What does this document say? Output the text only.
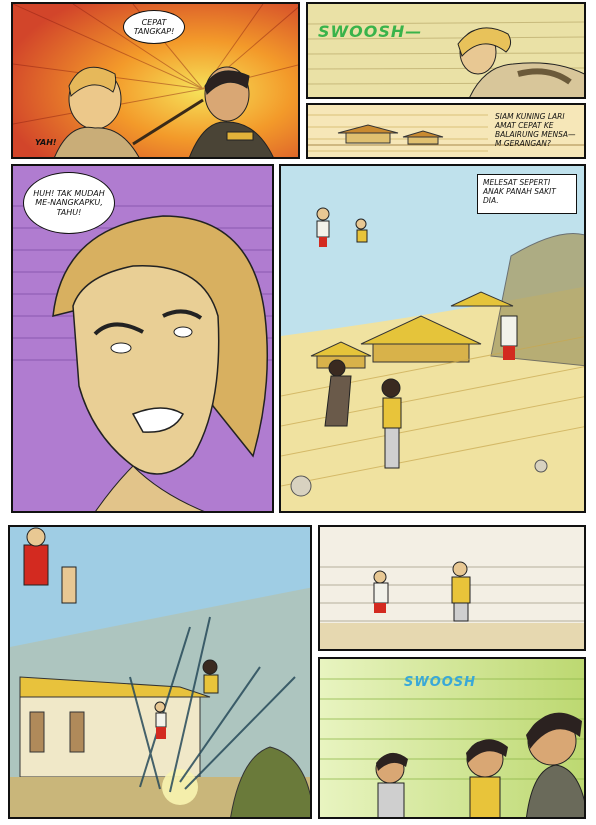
CEPAT TANGKAP!
YAH!
SWOOSH—
SIAM KUNING LARI AMAT CEPAT KE BALAIRUNG MENSA—M GERANGAN?
HUH! TAK MUDAH ME-NANGKAPKU, TAHU!
MELESAT SEPERTI ANAK PANAH SAKIT DIA.
SWOOSH
